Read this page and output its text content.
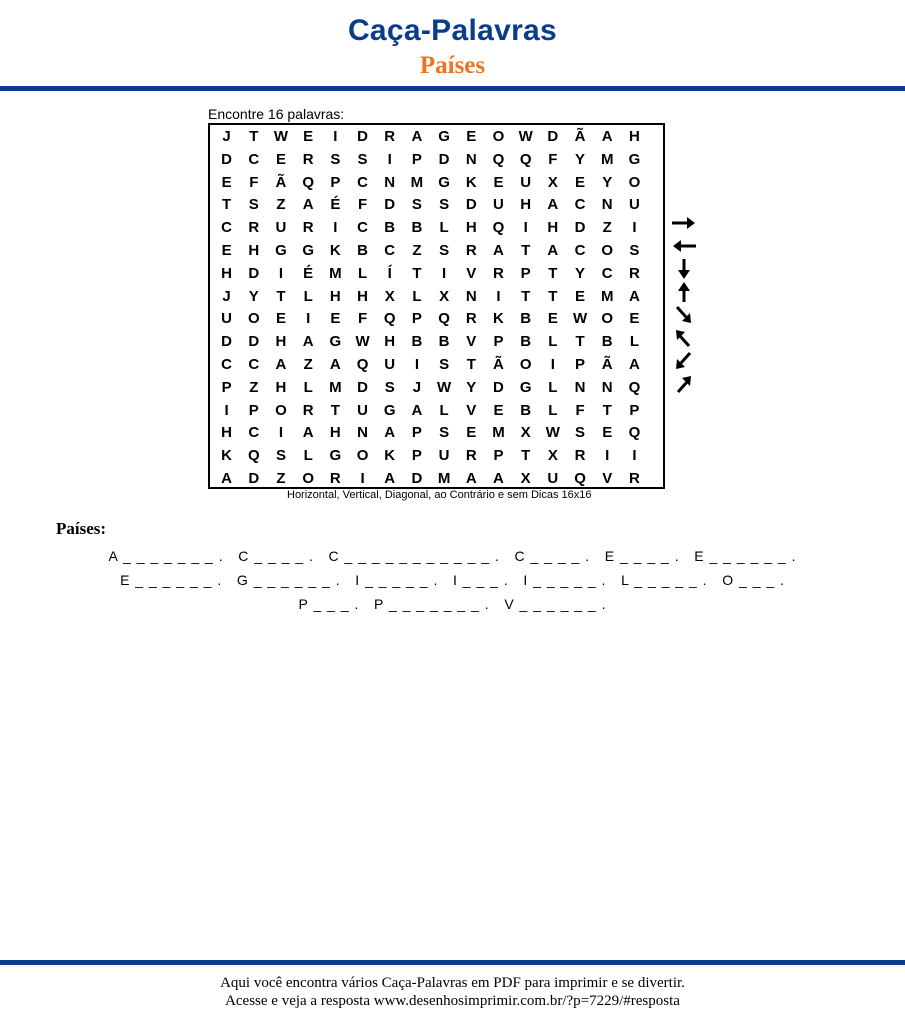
Caça-Palavras
Países
Encontre 16 palavras:
J	T	W	E	I	D	R	A	G	E	O W D	Ã	A	H
D	C	E	R	S	S	I	P	D	N	Q	Q	F	Y	M	G
E	F	Ã	Q	P	C	N	M	G	K	E	U	X	E	Y	O
T	S	Z	A	É	F	D	S	S	D	U	H	A	C	N	U
C	R	U	R	I	C	B	B	L	H	Q	I	H	D	Z	I
E	H	G	G	K	B	C	Z	S	R	A	T	A	C	O	S
H	D	I	É	M	L	Í	T	I	V	R	P	T	Y	C	R
J	Y	T	L	H	H	X	L	X	N	I	T	T	E	M	A
U	O	E	I	E	F	Q	P	Q	R	K	B	E	W O	E
D	D	H	A	G W H	B	B	V	P	B	L	T	B	L
C	C	A	Z	A	Q	U	I	S	T	Ã	O	I	P	Ã	A
P	Z	H	L	M	D	S	J	W	Y	D	G	L	N	N	Q
I	P	O	R	T	U	G	A	L	V	E	B	L	F	T	P
H	C	I	A	H	N	A	P	S	E	M	X	W	S	E	Q
K	Q	S	L	G	O	K	P	U	R	P	T	X	R	I	I
A	D	Z	O	R	I	A	D	M	A	A	X	U	Q	V	R
Horizontal, Vertical, Diagonal, ao Contrário e sem Dicas 16x16
Países:
A _ _ _ _ _ _ _ .   C _ _ _ _ .   C _ _ _ _ _ _ _ _ _ _ _ .   C _ _ _ _ .   E _ _ _ _ .   E _ _ _ _ _ _ .
E _ _ _ _ _ _ .   G _ _ _ _ _ _ .   I _ _ _ _ _ .   I _ _ _ .   I _ _ _ _ _ .   L _ _ _ _ _ .   O _ _ _ .
P _ _ _ .   P _ _ _ _ _ _ _ .   V _ _ _ _ _ _ .
Aqui você encontra vários Caça-Palavras em PDF para imprimir e se divertir.
Acesse e veja a resposta www.desenhosimprimir.com.br/?p=7229/#resposta
